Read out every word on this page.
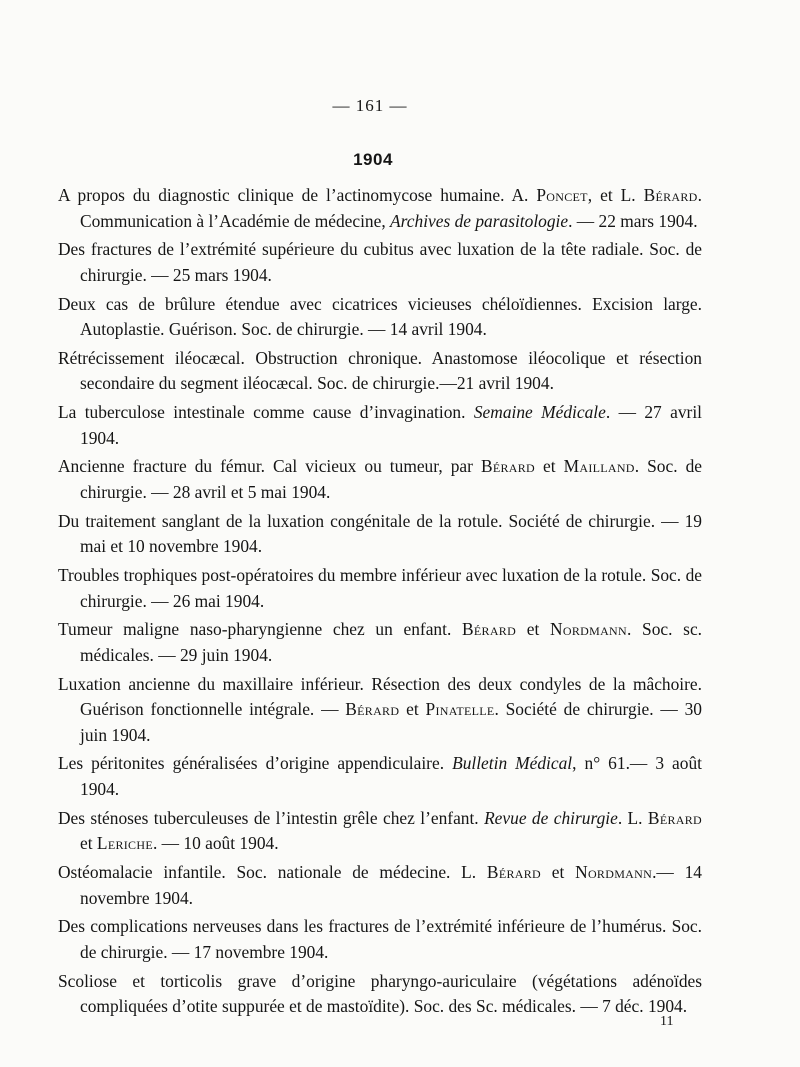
— 161 —
1904
A propos du diagnostic clinique de l’actinomycose humaine. A. Poncet, et L. Bérard. Communication à l’Académie de médecine, Archives de parasitologie. — 22 mars 1904.
Des fractures de l’extrémité supérieure du cubitus avec luxation de la tête radiale. Soc. de chirurgie. — 25 mars 1904.
Deux cas de brûlure étendue avec cicatrices vicieuses chéloïdiennes. Excision large. Autoplastie. Guérison. Soc. de chirurgie. — 14 avril 1904.
Rétrécissement iléocæcal. Obstruction chronique. Anastomose iléocolique et résection secondaire du segment iléocæcal. Soc. de chirurgie.—21 avril 1904.
La tuberculose intestinale comme cause d’invagination. Semaine Médicale. — 27 avril 1904.
Ancienne fracture du fémur. Cal vicieux ou tumeur, par Bérard et Mailland. Soc. de chirurgie. — 28 avril et 5 mai 1904.
Du traitement sanglant de la luxation congénitale de la rotule. Société de chirurgie. — 19 mai et 10 novembre 1904.
Troubles trophiques post-opératoires du membre inférieur avec luxation de la rotule. Soc. de chirurgie. — 26 mai 1904.
Tumeur maligne naso-pharyngienne chez un enfant. Bérard et Nordmann. Soc. sc. médicales. — 29 juin 1904.
Luxation ancienne du maxillaire inférieur. Résection des deux condyles de la mâchoire. Guérison fonctionnelle intégrale. — Bérard et Pinatelle. Société de chirurgie. — 30 juin 1904.
Les péritonites généralisées d’origine appendiculaire. Bulletin Médical, n° 61.— 3 août 1904.
Des sténoses tuberculeuses de l’intestin grêle chez l’enfant. Revue de chirurgie. L. Bérard et Leriche. — 10 août 1904.
Ostéomalacie infantile. Soc. nationale de médecine. L. Bérard et Nordmann.— 14 novembre 1904.
Des complications nerveuses dans les fractures de l’extrémité inférieure de l’humérus. Soc. de chirurgie. — 17 novembre 1904.
Scoliose et torticolis grave d’origine pharyngo-auriculaire (végétations adénoïdes compliquées d’otite suppurée et de mastoïdite). Soc. des Sc. médicales. — 7 déc. 1904.
11
